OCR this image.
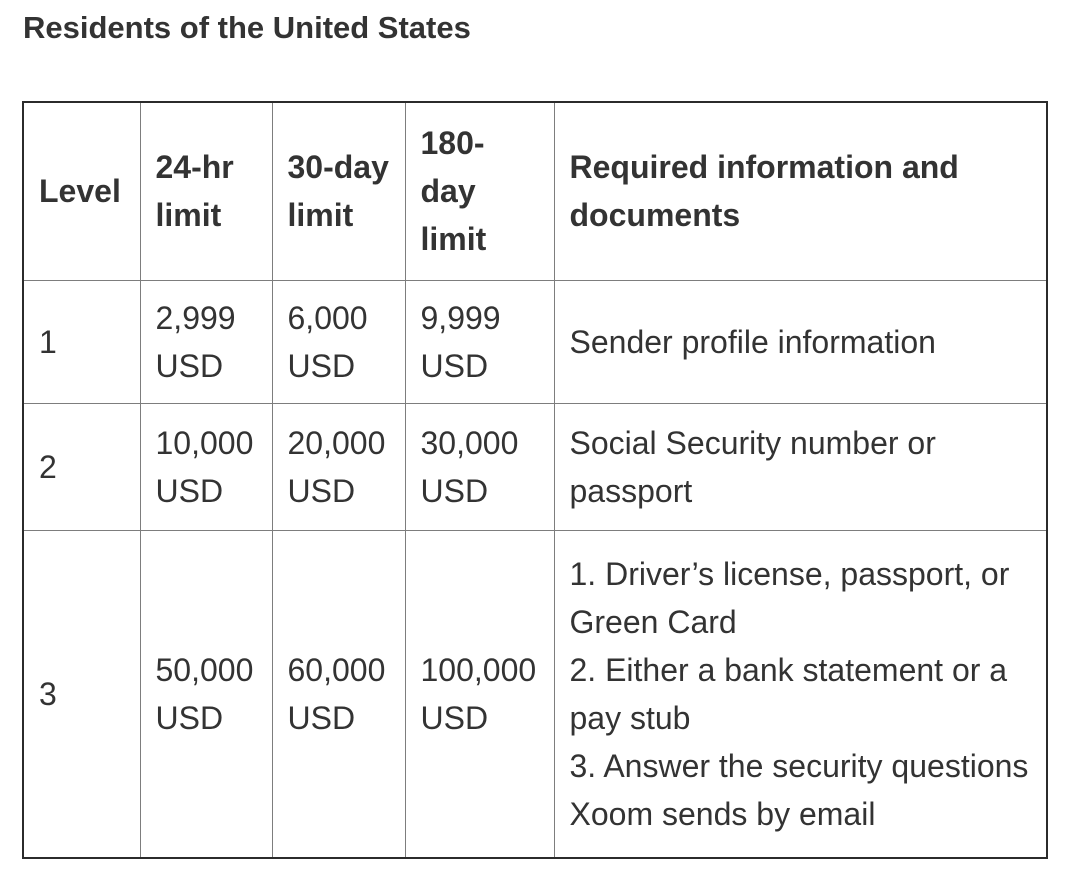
Residents of the United States
Level	24-hr limit	30-day limit	180-day limit	Required information and documents
1	2,999 USD	6,000 USD	9,999 USD	Sender profile information
2	10,000 USD	20,000 USD	30,000 USD	Social Security number or passport
3	50,000 USD	60,000 USD	100,000 USD	1. Driver’s license, passport, or Green Card
2. Either a bank statement or a pay stub
3. Answer the security questions Xoom sends by email
